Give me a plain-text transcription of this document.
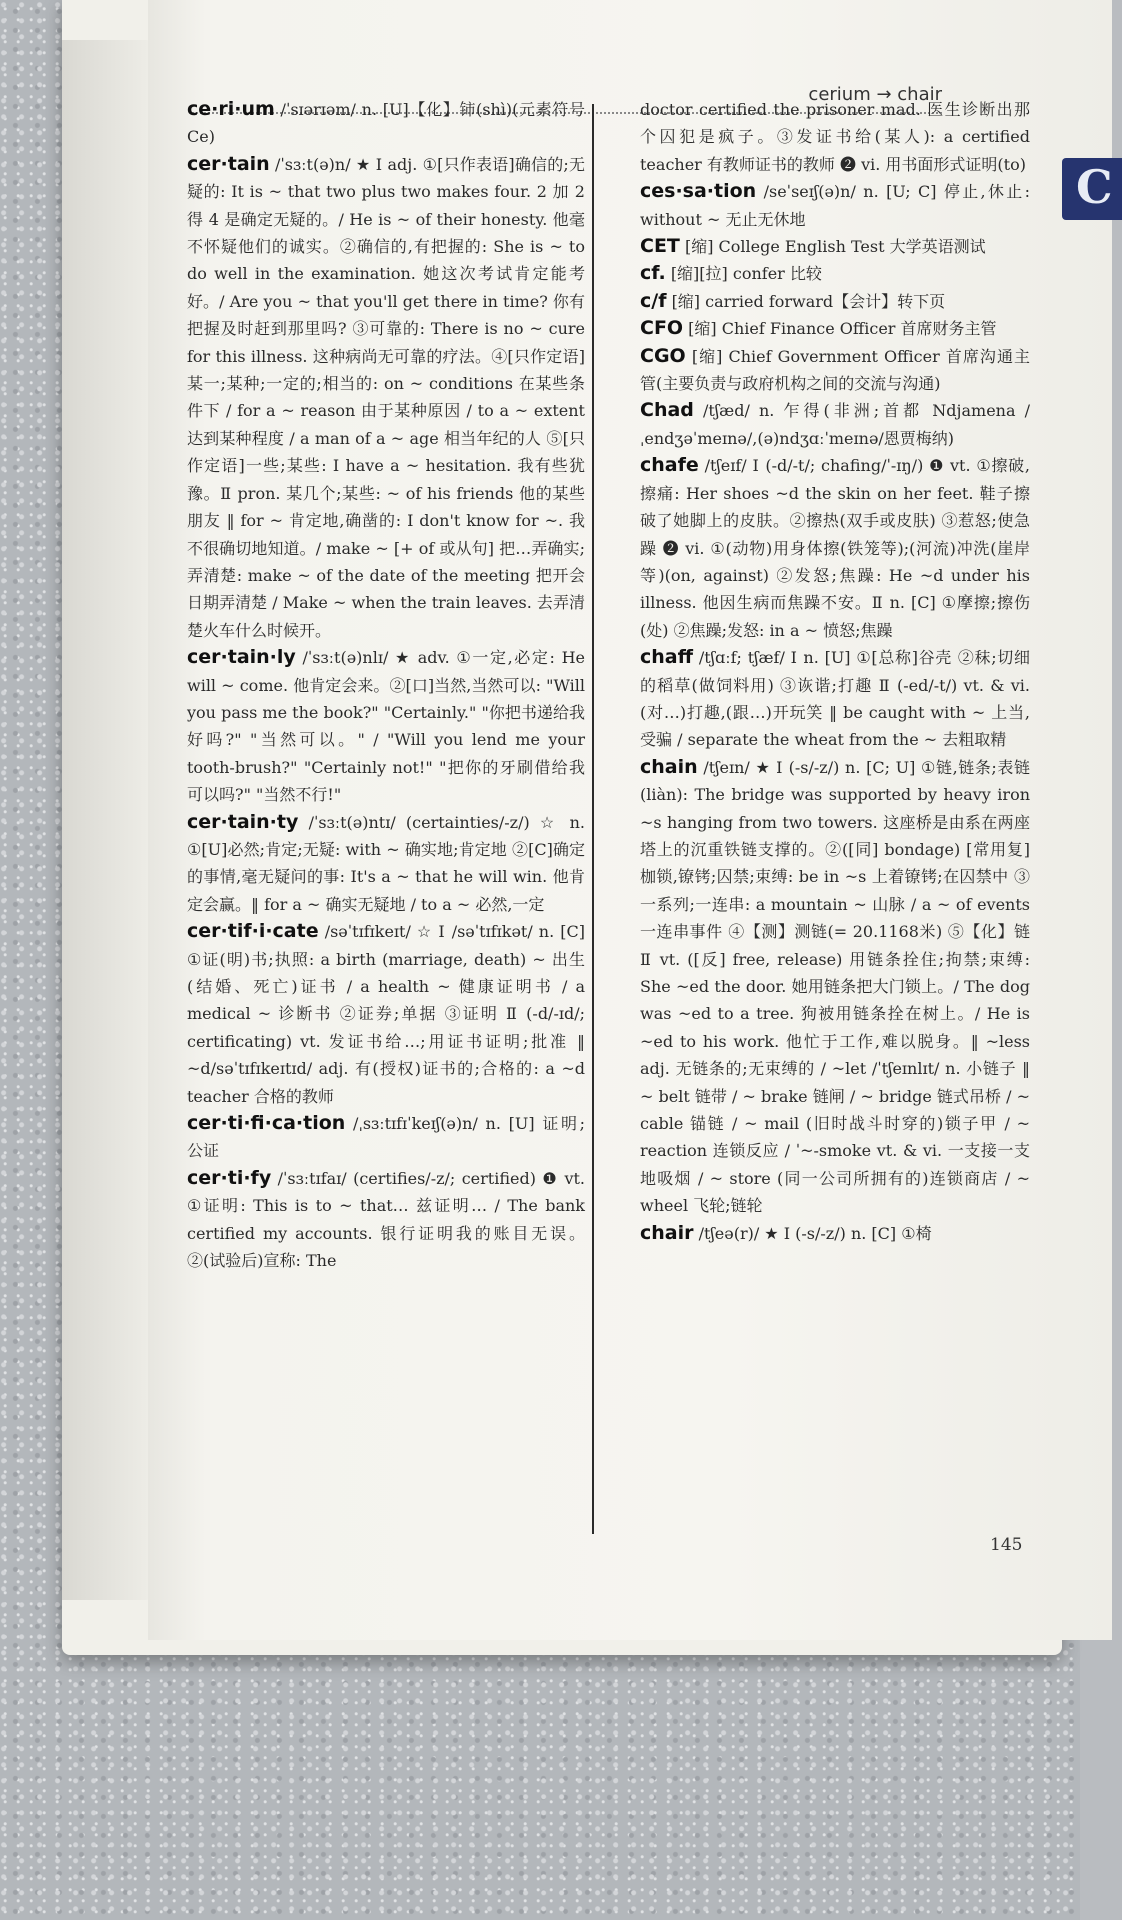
cerium → chair
C

ce·ri·um /ˈsɪərɪəm/ n. [U]【化】铈(shì)(元素符号 Ce)

cer·tain /ˈsɜːt(ə)n/ ★ Ⅰ adj. ①[只作表语]确信的;无疑的: It is ~ that two plus two makes four. 2 加 2 得 4 是确定无疑的。/ He is ~ of their honesty. 他毫不怀疑他们的诚实。②确信的,有把握的: She is ~ to do well in the examination. 她这次考试肯定能考好。/ Are you ~ that you'll get there in time? 你有把握及时赶到那里吗? ③可靠的: There is no ~ cure for this illness. 这种病尚无可靠的疗法。④[只作定语]某一;某种;一定的;相当的: on ~ conditions 在某些条件下 / for a ~ reason 由于某种原因 / to a ~ extent 达到某种程度 / a man of a ~ age 相当年纪的人 ⑤[只作定语]一些;某些: I have a ~ hesitation. 我有些犹豫。Ⅱ pron. 某几个;某些: ~ of his friends 他的某些朋友 ‖ for ~ 肯定地,确凿的: I don't know for ~. 我不很确切地知道。/ make ~ [+ of 或从句] 把…弄确实;弄清楚: make ~ of the date of the meeting 把开会日期弄清楚 / Make ~ when the train leaves. 去弄清楚火车什么时候开。

cer·tain·ly /ˈsɜːt(ə)nlɪ/ ★ adv. ①一定,必定: He will ~ come. 他肯定会来。②[口]当然,当然可以: "Will you pass me the book?" "Certainly." "你把书递给我好吗?" "当然可以。" / "Will you lend me your tooth-brush?" "Certainly not!" "把你的牙刷借给我可以吗?" "当然不行!"

cer·tain·ty /ˈsɜːt(ə)ntɪ/ (certainties/-z/) ☆ n. ①[U]必然;肯定;无疑: with ~ 确实地;肯定地 ②[C]确定的事情,毫无疑问的事: It's a ~ that he will win. 他肯定会赢。‖ for a ~ 确实无疑地 / to a ~ 必然,一定

cer·tif·i·cate /səˈtɪfɪkeɪt/ ☆ Ⅰ /səˈtɪfɪkət/ n. [C] ①证(明)书;执照: a birth (marriage, death) ~ 出生(结婚、死亡)证书 / a health ~ 健康证明书 / a medical ~ 诊断书 ②证券;单据 ③证明 Ⅱ (-d/-ɪd/; certificating) vt. 发证书给…;用证书证明;批准 ‖ ~d/səˈtɪfɪkeɪtɪd/ adj. 有(授权)证书的;合格的: a ~d teacher 合格的教师

cer·ti·fi·ca·tion /ˌsɜːtɪfɪˈkeɪʃ(ə)n/ n. [U] 证明;公证

cer·ti·fy /ˈsɜːtɪfaɪ/ (certifies/-z/; certified) ❶ vt. ①证明: This is to ~ that… 兹证明… / The bank certified my accounts. 银行证明我的账目无误。②(试验后)宣称: The

doctor certified the prisoner mad. 医生诊断出那个囚犯是疯子。③发证书给(某人): a certified teacher 有教师证书的教师 ❷ vi. 用书面形式证明(to)

ces·sa·tion /seˈseɪʃ(ə)n/ n. [U; C] 停止,休止: without ~ 无止无休地

CET [缩] College English Test 大学英语测试

cf. [缩][拉] confer 比较

c/f [缩] carried forward【会计】转下页

CFO [缩] Chief Finance Officer 首席财务主管

CGO [缩] Chief Government Officer 首席沟通主管(主要负责与政府机构之间的交流与沟通)

Chad /tʃæd/ n. 乍得(非洲;首都 Ndjamena /ˌendʒəˈmeɪnə/,(ə)ndʒɑːˈmeɪnə/恩贾梅纳)

chafe /tʃeɪf/ Ⅰ (-d/-t/; chafing/ˈ-ɪŋ/) ❶ vt. ①擦破,擦痛: Her shoes ~d the skin on her feet. 鞋子擦破了她脚上的皮肤。②擦热(双手或皮肤) ③惹怒;使急躁 ❷ vi. ①(动物)用身体擦(铁笼等);(河流)冲洗(崖岸等)(on, against) ②发怒;焦躁: He ~d under his illness. 他因生病而焦躁不安。Ⅱ n. [C] ①摩擦;擦伤(处) ②焦躁;发怒: in a ~ 愤怒;焦躁

chaff /tʃɑːf; tʃæf/ Ⅰ n. [U] ①[总称]谷壳 ②秣;切细的稻草(做饲料用) ③诙谐;打趣 Ⅱ (-ed/-t/) vt. & vi. (对…)打趣,(跟…)开玩笑 ‖ be caught with ~ 上当,受骗 / separate the wheat from the ~ 去粗取精

chain /tʃeɪn/ ★ Ⅰ (-s/-z/) n. [C; U] ①链,链条;表链(liàn): The bridge was supported by heavy iron ~s hanging from two towers. 这座桥是由系在两座塔上的沉重铁链支撑的。②([同] bondage) [常用复] 枷锁,镣铐;囚禁;束缚: be in ~s 上着镣铐;在囚禁中 ③一系列;一连串: a mountain ~ 山脉 / a ~ of events 一连串事件 ④【测】测链(= 20.1168米) ⑤【化】链 Ⅱ vt. ([反] free, release) 用链条拴住;拘禁;束缚: She ~ed the door. 她用链条把大门锁上。/ The dog was ~ed to a tree. 狗被用链条拴在树上。/ He is ~ed to his work. 他忙于工作,难以脱身。‖ ~less adj. 无链条的;无束缚的 / ~let /ˈtʃeɪnlɪt/ n. 小链子 ‖ ~ belt 链带 / ~ brake 链闸 / ~ bridge 链式吊桥 / ~ cable 锚链 / ~ mail (旧时战斗时穿的)锁子甲 / ~ reaction 连锁反应 / ˈ~-smoke vt. & vi. 一支接一支地吸烟 / ~ store (同一公司所拥有的)连锁商店 / ~ wheel 飞轮;链轮

chair /tʃeə(r)/ ★ Ⅰ (-s/-z/) n. [C] ①椅

145
